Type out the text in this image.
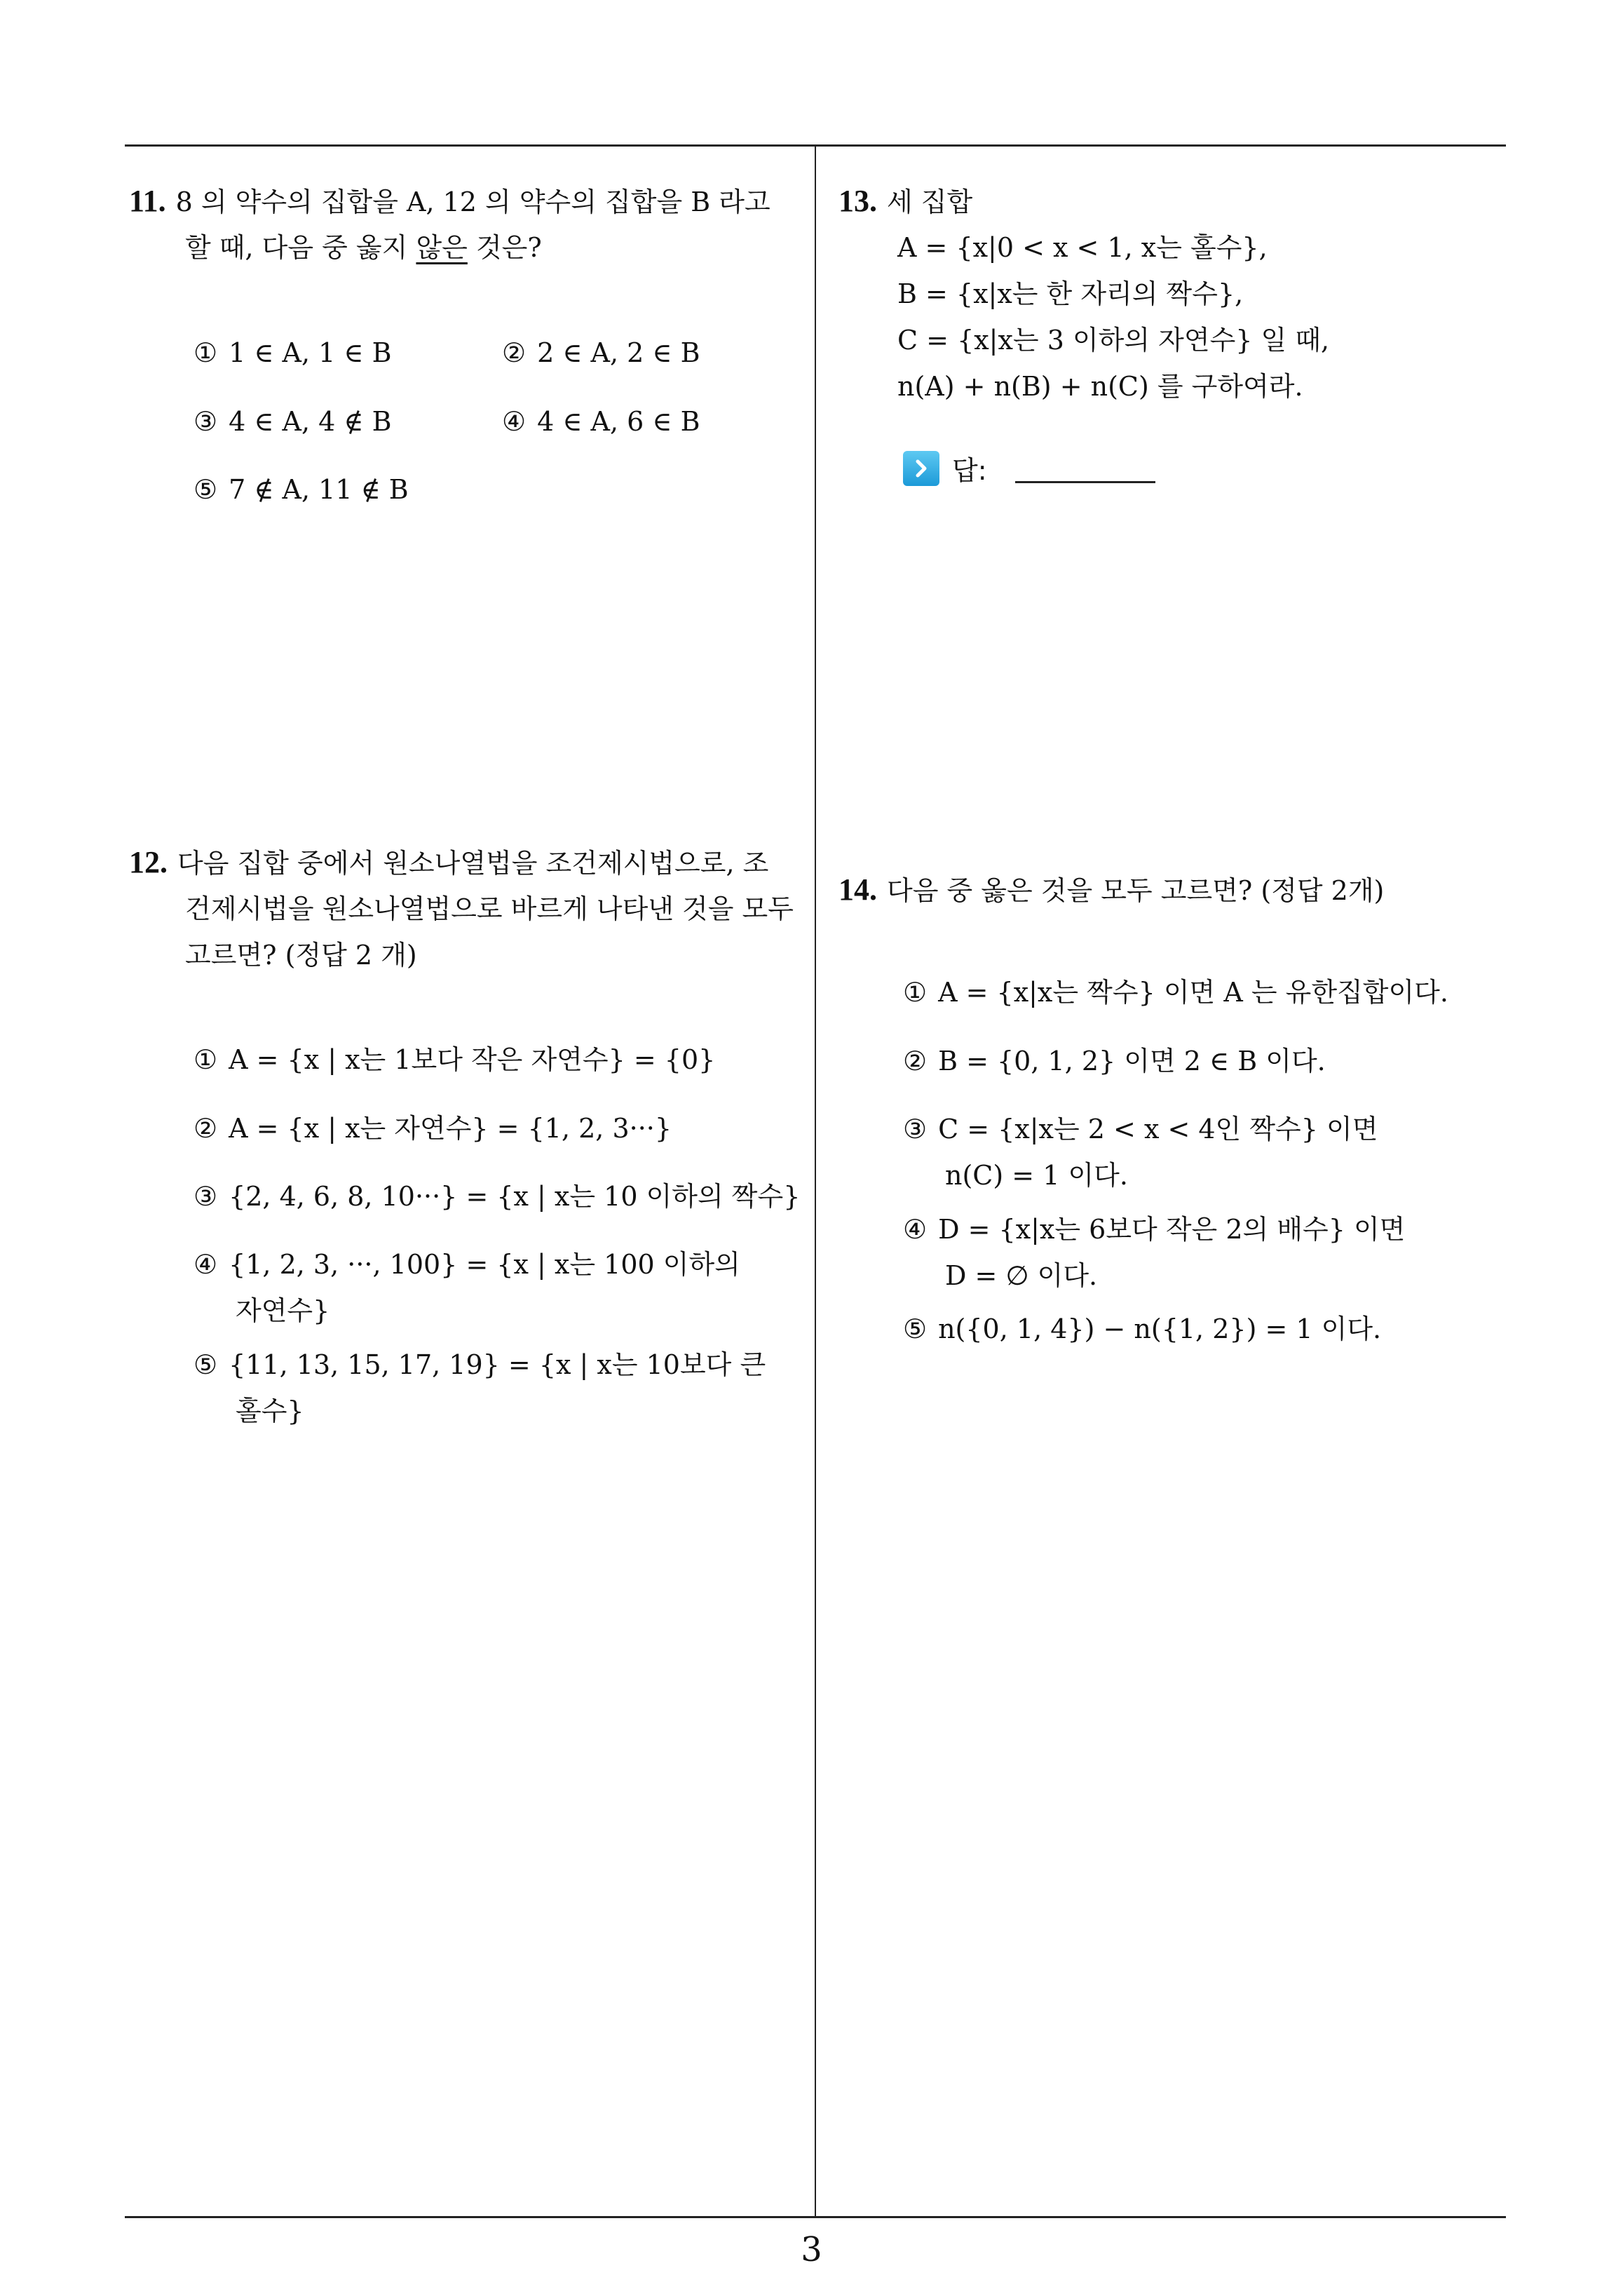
11. 8 의 약수의 집합을 A, 12 의 약수의 집합을 B 라고
할 때, 다음 중 옳지 않은 것은?
① 1 ∈ A, 1 ∈ B	② 2 ∈ A, 2 ∈ B
③ 4 ∈ A, 4 ∉ B	④ 4 ∈ A, 6 ∈ B
⑤ 7 ∉ A, 11 ∉ B
12. 다음 집합 중에서 원소나열법을 조건제시법으로, 조
건제시법을 원소나열법으로 바르게 나타낸 것을 모두
고르면? (정답 2 개)
① A = {x | x는 1보다 작은 자연수} = {0}
② A = {x | x는 자연수} = {1, 2, 3···}
③ {2, 4, 6, 8, 10···} = {x | x는 10 이하의 짝수}
④ {1, 2, 3, ···, 100} = {x | x는 100 이하의
자연수}
⑤ {11, 13, 15, 17, 19} = {x | x는 10보다 큰
홀수}
13. 세 집합
A = {x|0 < x < 1, x는 홀수},
B = {x|x는 한 자리의 짝수},
C = {x|x는 3 이하의 자연수} 일 때,
n(A) + n(B) + n(C) 를 구하여라.
답:
14. 다음 중 옳은 것을 모두 고르면? (정답 2개)
① A = {x|x는 짝수} 이면 A 는 유한집합이다.
② B = {0, 1, 2} 이면 2 ∈ B 이다.
③ C = {x|x는 2 < x < 4인 짝수} 이면
n(C) = 1 이다.
④ D = {x|x는 6보다 작은 2의 배수} 이면
D = ∅ 이다.
⑤ n({0, 1, 4}) − n({1, 2}) = 1 이다.
3
